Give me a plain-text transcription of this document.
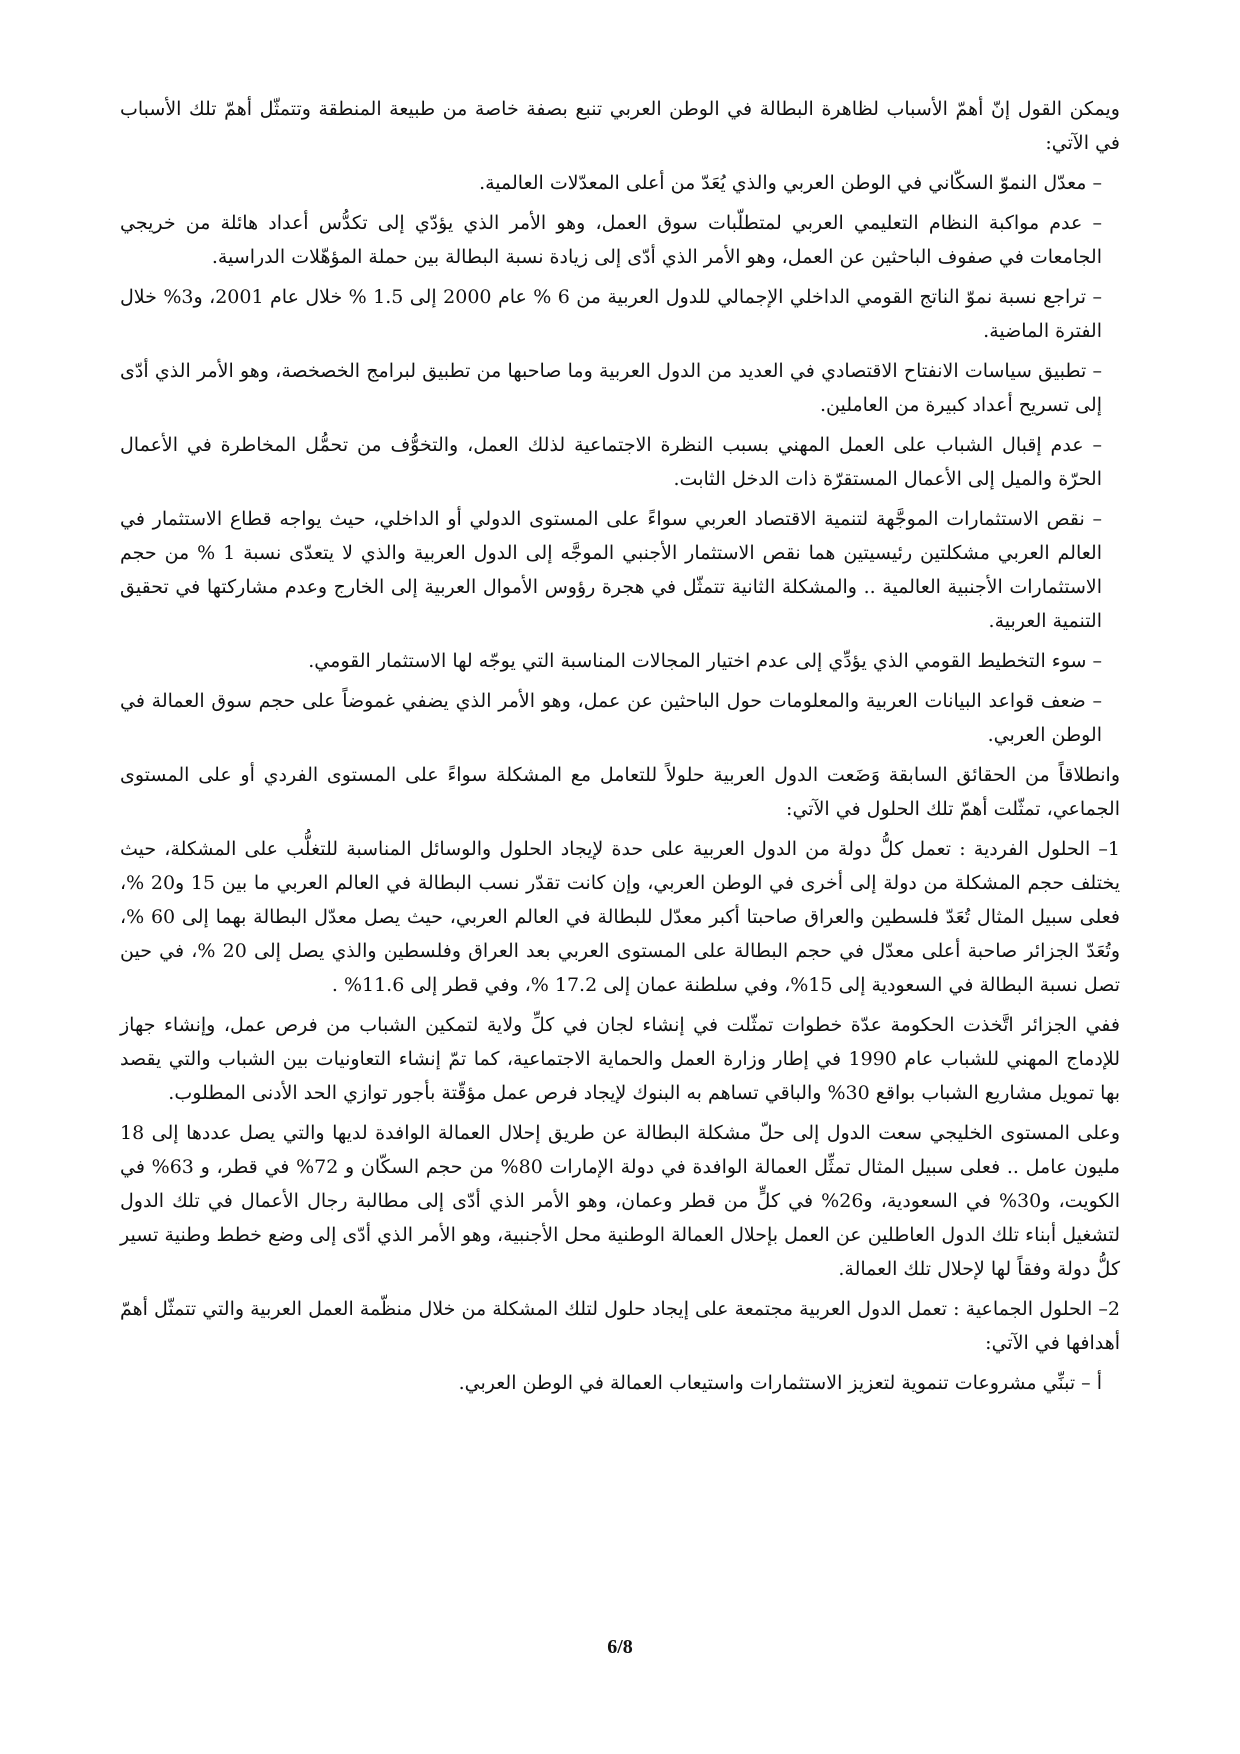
ويمكن القول إنّ أهمّ الأسباب لظاهرة البطالة في الوطن العربي تنبع بصفة خاصة من طبيعة المنطقة وتتمثّل أهمّ تلك الأسباب في الآتي:

– معدّل النموّ السكّاني في الوطن العربي والذي يُعَدّ من أعلى المعدّلات العالمية.

– عدم مواكبة النظام التعليمي العربي لمتطلّبات سوق العمل، وهو الأمر الذي يؤدّي إلى تكدُّس أعداد هائلة من خريجي الجامعات في صفوف الباحثين عن العمل، وهو الأمر الذي أدّى إلى زيادة نسبة البطالة بين حملة المؤهّلات الدراسية.

– تراجع نسبة نموّ الناتج القومي الداخلي الإجمالي للدول العربية من 6 % عام 2000 إلى 1.5 % خلال عام 2001، و3% خلال الفترة الماضية.

– تطبيق سياسات الانفتاح الاقتصادي في العديد من الدول العربية وما صاحبها من تطبيق لبرامج الخصخصة، وهو الأمر الذي أدّى إلى تسريح أعداد كبيرة من العاملين.

– عدم إقبال الشباب على العمل المهني بسبب النظرة الاجتماعية لذلك العمل، والتخوُّف من تحمُّل المخاطرة في الأعمال الحرّة والميل إلى الأعمال المستقرّة ذات الدخل الثابت.

– نقص الاستثمارات الموجَّهة لتنمية الاقتصاد العربي سواءً على المستوى الدولي أو الداخلي، حيث يواجه قطاع الاستثمار في العالم العربي مشكلتين رئيسيتين هما نقص الاستثمار الأجنبي الموجَّه إلى الدول العربية والذي لا يتعدّى نسبة 1 % من حجم الاستثمارات الأجنبية العالمية .. والمشكلة الثانية تتمثّل في هجرة رؤوس الأموال العربية إلى الخارج وعدم مشاركتها في تحقيق التنمية العربية.

– سوء التخطيط القومي الذي يؤدِّي إلى عدم اختيار المجالات المناسبة التي يوجّه لها الاستثمار القومي.

– ضعف قواعد البيانات العربية والمعلومات حول الباحثين عن عمل، وهو الأمر الذي يضفي غموضاً على حجم سوق العمالة في الوطن العربي.

وانطلاقاً من الحقائق السابقة وَضَعت الدول العربية حلولاً للتعامل مع المشكلة سواءً على المستوى الفردي أو على المستوى الجماعي، تمثّلت أهمّ تلك الحلول في الآتي:

1– الحلول الفردية : تعمل كلُّ دولة من الدول العربية على حدة لإيجاد الحلول والوسائل المناسبة للتغلُّب على المشكلة، حيث يختلف حجم المشكلة من دولة إلى أخرى في الوطن العربي، وإن كانت تقدّر نسب البطالة في العالم العربي ما بين 15 و20 %، فعلى سبيل المثال تُعَدّ فلسطين والعراق صاحبتا أكبر معدّل للبطالة في العالم العربي، حيث يصل معدّل البطالة بهما إلى 60 %، وتُعَدّ الجزائر صاحبة أعلى معدّل في حجم البطالة على المستوى العربي بعد العراق وفلسطين والذي يصل إلى 20 %، في حين تصل نسبة البطالة في السعودية إلى 15%، وفي سلطنة عمان إلى 17.2 %، وفي قطر إلى 11.6% .

ففي الجزائر اتَّخذت الحكومة عدّة خطوات تمثّلت في إنشاء لجان في كلِّ ولاية لتمكين الشباب من فرص عمل، وإنشاء جهاز للإدماج المهني للشباب عام 1990 في إطار وزارة العمل والحماية الاجتماعية، كما تمّ إنشاء التعاونيات بين الشباب والتي يقصد بها تمويل مشاريع الشباب بواقع 30% والباقي تساهم به البنوك لإيجاد فرص عمل مؤقّتة بأجور توازي الحد الأدنى المطلوب.

وعلى المستوى الخليجي سعت الدول إلى حلّ مشكلة البطالة عن طريق إحلال العمالة الوافدة لديها والتي يصل عددها إلى 18 مليون عامل .. فعلى سبيل المثال تمثِّل العمالة الوافدة في دولة الإمارات 80% من حجم السكّان و 72% في قطر، و 63% في الكويت، و30% في السعودية، و26% في كلٍّ من قطر وعمان، وهو الأمر الذي أدّى إلى مطالبة رجال الأعمال في تلك الدول لتشغيل أبناء تلك الدول العاطلين عن العمل بإحلال العمالة الوطنية محل الأجنبية، وهو الأمر الذي أدّى إلى وضع خطط وطنية تسير كلُّ دولة وفقاً لها لإحلال تلك العمالة.

2– الحلول الجماعية : تعمل الدول العربية مجتمعة على إيجاد حلول لتلك المشكلة من خلال منظّمة العمل العربية والتي تتمثّل أهمّ أهدافها في الآتي:

أ – تبنِّي مشروعات تنموية لتعزيز الاستثمارات واستيعاب العمالة في الوطن العربي.

6/8
